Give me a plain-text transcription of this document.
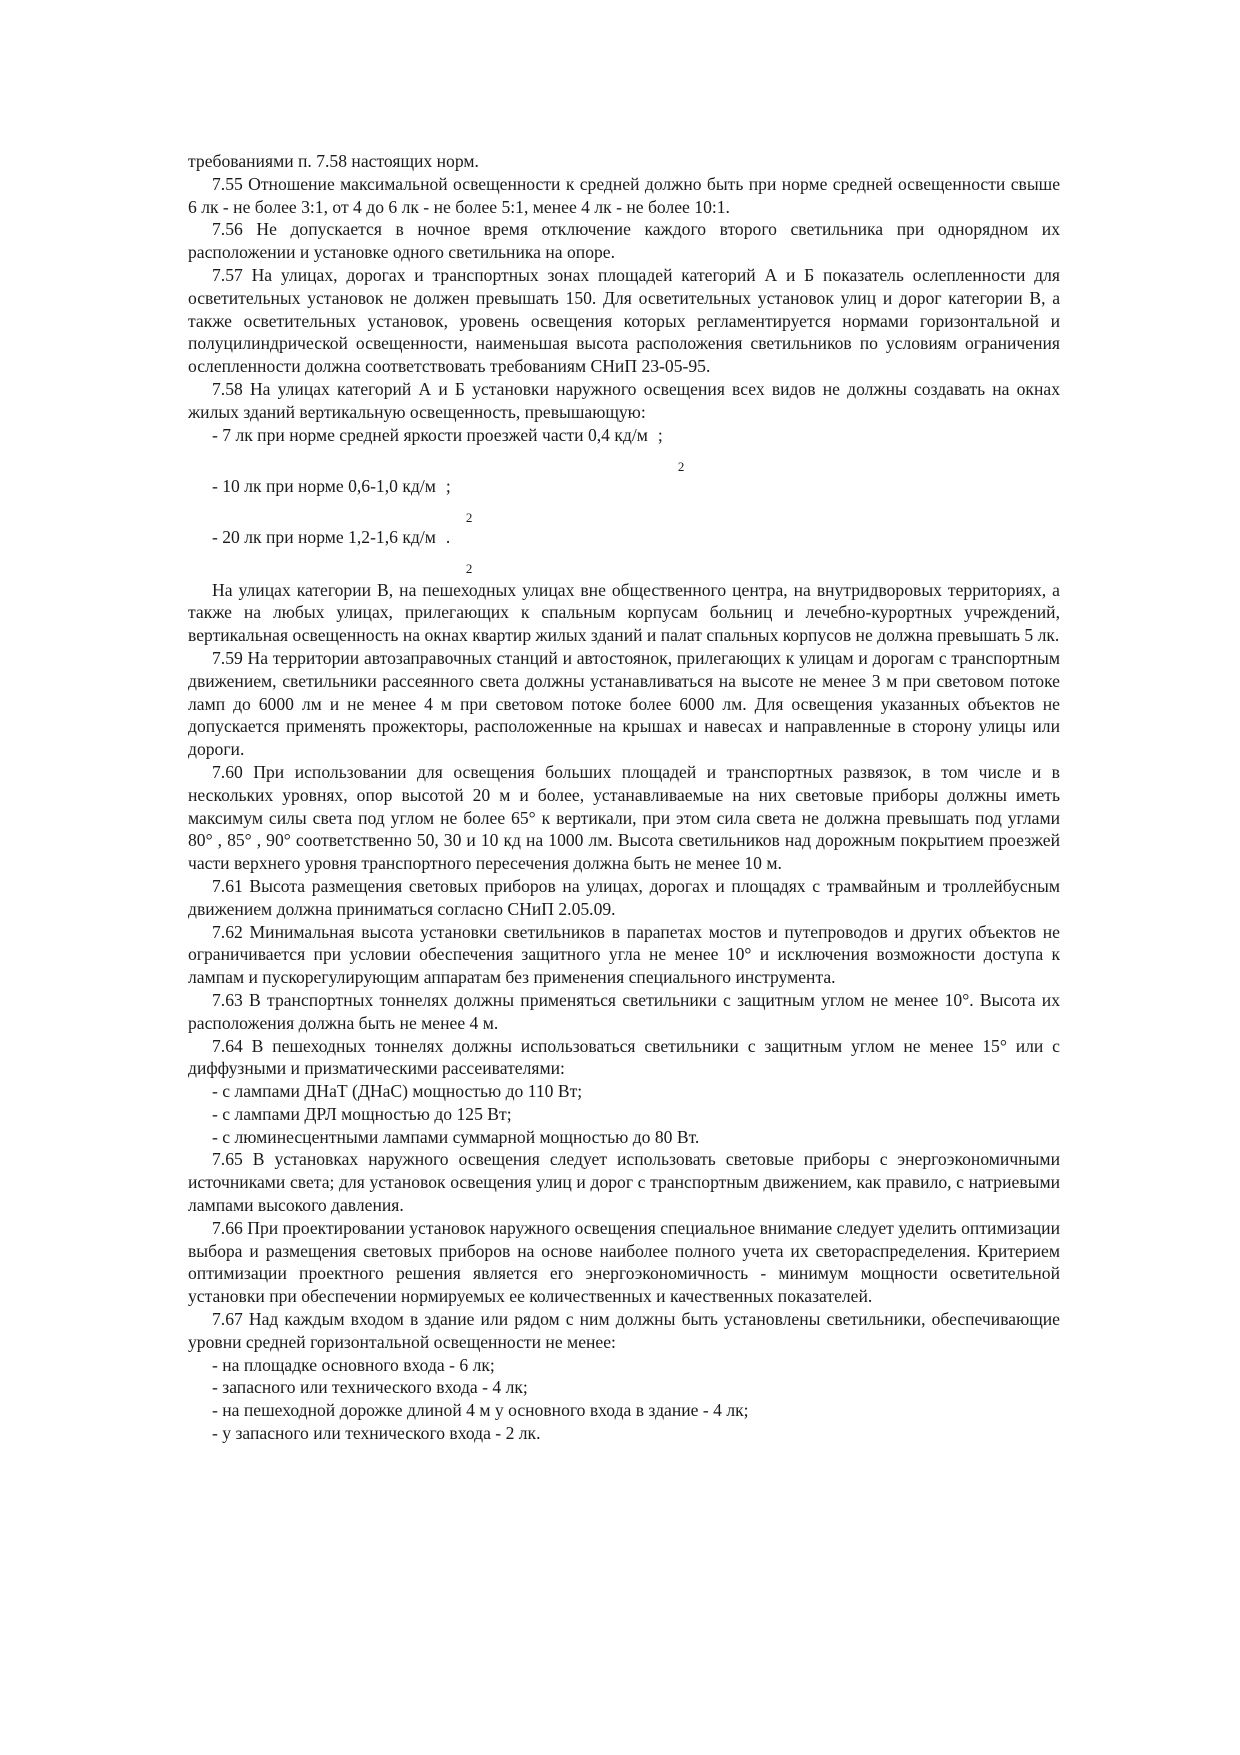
требованиями п. 7.58 настоящих норм.

7.55 Отношение максимальной освещенности к средней должно быть при норме средней освещенности свыше 6 лк - не более 3:1, от 4 до 6 лк - не более 5:1, менее 4 лк - не более 10:1.

7.56 Не допускается в ночное время отключение каждого второго светильника при однорядном их расположении и установке одного светильника на опоре.

7.57 На улицах, дорогах и транспортных зонах площадей категорий А и Б показатель ослепленности для осветительных установок не должен превышать 150. Для осветительных установок улиц и дорог категории В, а также осветительных установок, уровень освещения которых регламентируется нормами горизонтальной и полуцилиндрической освещенности, наименьшая высота расположения светильников по условиям ограничения ослепленности должна соответствовать требованиям СНиП 23-05-95.

7.58 На улицах категорий А и Б установки наружного освещения всех видов не должны создавать на окнах жилых зданий вертикальную освещенность, превышающую:

- 7 лк при норме средней яркости проезжей части 0,4 кд/м
2
;

- 10 лк при норме 0,6-1,0 кд/м
2
;

- 20 лк при норме 1,2-1,6 кд/м
2
.

На улицах категории В, на пешеходных улицах вне общественного центра, на внутридворовых территориях, а также на любых улицах, прилегающих к спальным корпусам больниц и лечебно-курортных учреждений, вертикальная освещенность на окнах квартир жилых зданий и палат спальных корпусов не должна превышать 5 лк.

7.59 На территории автозаправочных станций и автостоянок, прилегающих к улицам и дорогам с транспортным движением, светильники рассеянного света должны устанавливаться на высоте не менее 3 м при световом потоке ламп до 6000 лм и не менее 4 м при световом потоке более 6000 лм. Для освещения указанных объектов не допускается применять прожекторы, расположенные на крышах и навесах и направленные в сторону улицы или дороги.

7.60 При использовании для освещения больших площадей и транспортных развязок, в том числе и в нескольких уровнях, опор высотой 20 м и более, устанавливаемые на них световые приборы должны иметь максимум силы света под углом не более 65° к вертикали, при этом сила света не должна превышать под углами 80° , 85° , 90° соответственно 50, 30 и 10 кд на 1000 лм. Высота светильников над дорожным покрытием проезжей части верхнего уровня транспортного пересечения должна быть не менее 10 м.

7.61 Высота размещения световых приборов на улицах, дорогах и площадях с трамвайным и троллейбусным движением должна приниматься согласно СНиП 2.05.09.

7.62 Минимальная высота установки светильников в парапетах мостов и путепроводов и других объектов не ограничивается при условии обеспечения защитного угла не менее 10° и исключения возможности доступа к лампам и пускорегулирующим аппаратам без применения специального инструмента.

7.63 В транспортных тоннелях должны применяться светильники с защитным углом не менее 10°. Высота их расположения должна быть не менее 4 м.

7.64 В пешеходных тоннелях должны использоваться светильники с защитным углом не менее 15° или с диффузными и призматическими рассеивателями:

- с лампами ДНаТ (ДНаС) мощностью до 110 Вт;

- с лампами ДРЛ мощностью до 125 Вт;

- с люминесцентными лампами суммарной мощностью до 80 Вт.

7.65 В установках наружного освещения следует использовать световые приборы с энергоэкономичными источниками света; для установок освещения улиц и дорог с транспортным движением, как правило, с натриевыми лампами высокого давления.

7.66 При проектировании установок наружного освещения специальное внимание следует уделить оптимизации выбора и размещения световых приборов на основе наиболее полного учета их светораспределения. Критерием оптимизации проектного решения является его энергоэкономичность - минимум мощности осветительной установки при обеспечении нормируемых ее количественных и качественных показателей.

7.67 Над каждым входом в здание или рядом с ним должны быть установлены светильники, обеспечивающие уровни средней горизонтальной освещенности не менее:

- на площадке основного входа - 6 лк;

- запасного или технического входа - 4 лк;

- на пешеходной дорожке длиной 4 м у основного входа в здание - 4 лк;

- у запасного или технического входа - 2 лк.
